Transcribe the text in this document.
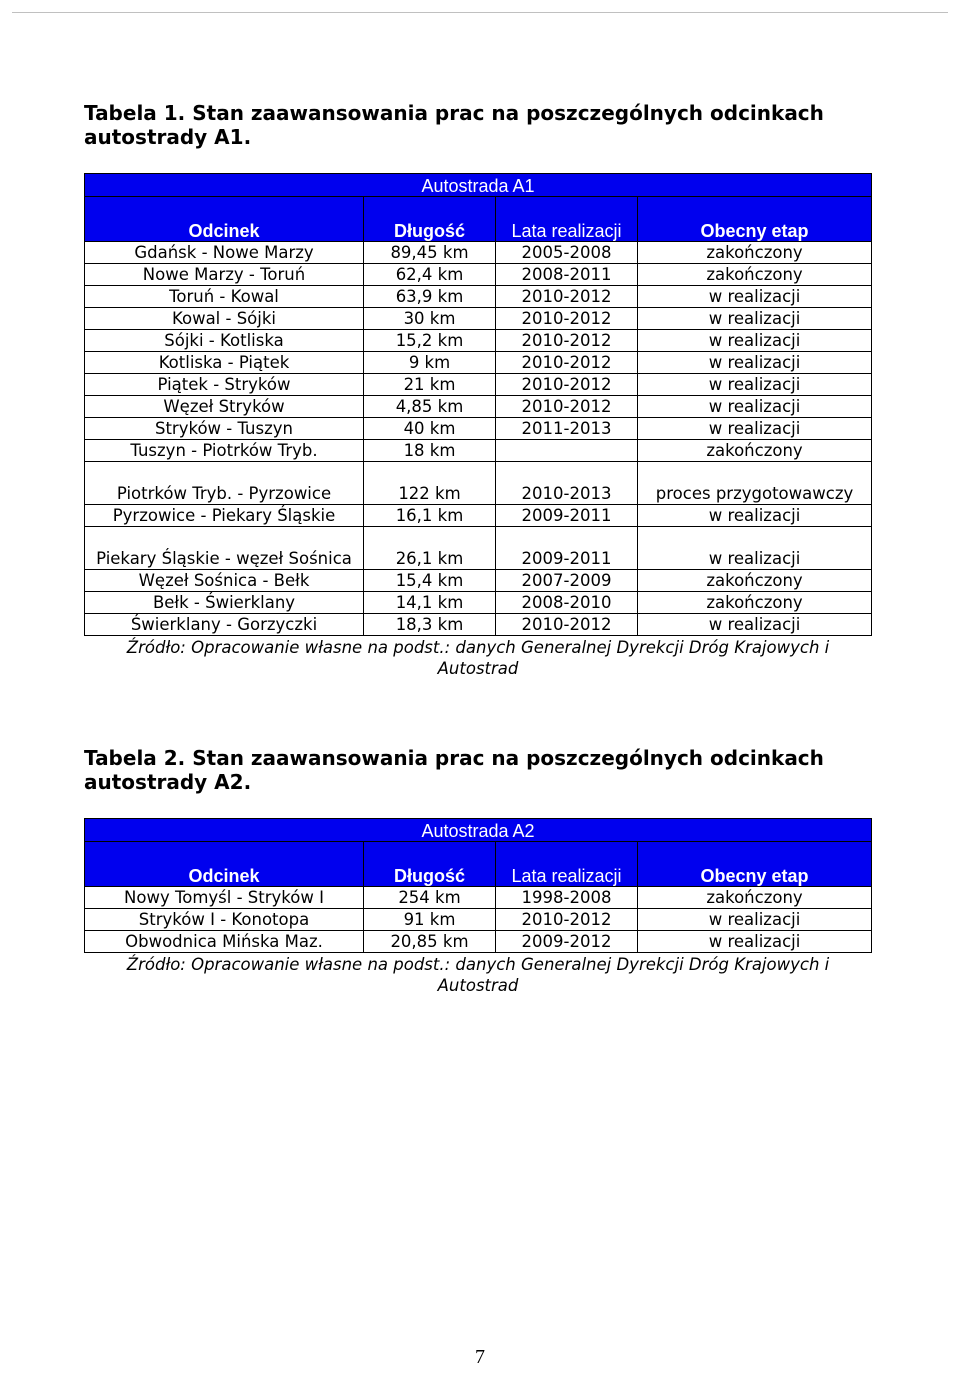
Tabela 1. Stan zaawansowania prac na poszczególnych odcinkach autostrady A1.

Autostrada A1			
Odcinek	Długość	Lata realizacji	Obecny etap
Gdańsk - Nowe Marzy	89,45 km	2005-2008	zakończony
Nowe Marzy - Toruń	62,4 km	2008-2011	zakończony
Toruń - Kowal	63,9 km	2010-2012	w realizacji
Kowal - Sójki	30 km	2010-2012	w realizacji
Sójki - Kotliska	15,2 km	2010-2012	w realizacji
Kotliska - Piątek	9 km	2010-2012	w realizacji
Piątek - Stryków	21 km	2010-2012	w realizacji
Węzeł Stryków	4,85 km	2010-2012	w realizacji
Stryków - Tuszyn	40 km	2011-2013	w realizacji
Tuszyn - Piotrków Tryb.	18 km		zakończony
Piotrków Tryb. - Pyrzowice	122 km	2010-2013	proces przygotowawczy
Pyrzowice - Piekary Śląskie	16,1 km	2009-2011	w realizacji
Piekary Śląskie - węzeł Sośnica	26,1 km	2009-2011	w realizacji
Węzeł Sośnica - Bełk	15,4 km	2007-2009	zakończony
Bełk - Świerklany	14,1 km	2008-2010	zakończony
Świerklany - Gorzyczki	18,3 km	2010-2012	w realizacji
Źródło: Opracowanie własne na podst.: danych Generalnej Dyrekcji Dróg Krajowych i Autostrad			

Tabela 2. Stan zaawansowania prac na poszczególnych odcinkach autostrady A2.

Autostrada A2			
Odcinek	Długość	Lata realizacji	Obecny etap
Nowy Tomyśl - Stryków I	254 km	1998-2008	zakończony
Stryków I - Konotopa	91 km	2010-2012	w realizacji
Obwodnica Mińska Maz.	20,85 km	2009-2012	w realizacji
Źródło: Opracowanie własne na podst.: danych Generalnej Dyrekcji Dróg Krajowych i Autostrad			
7
